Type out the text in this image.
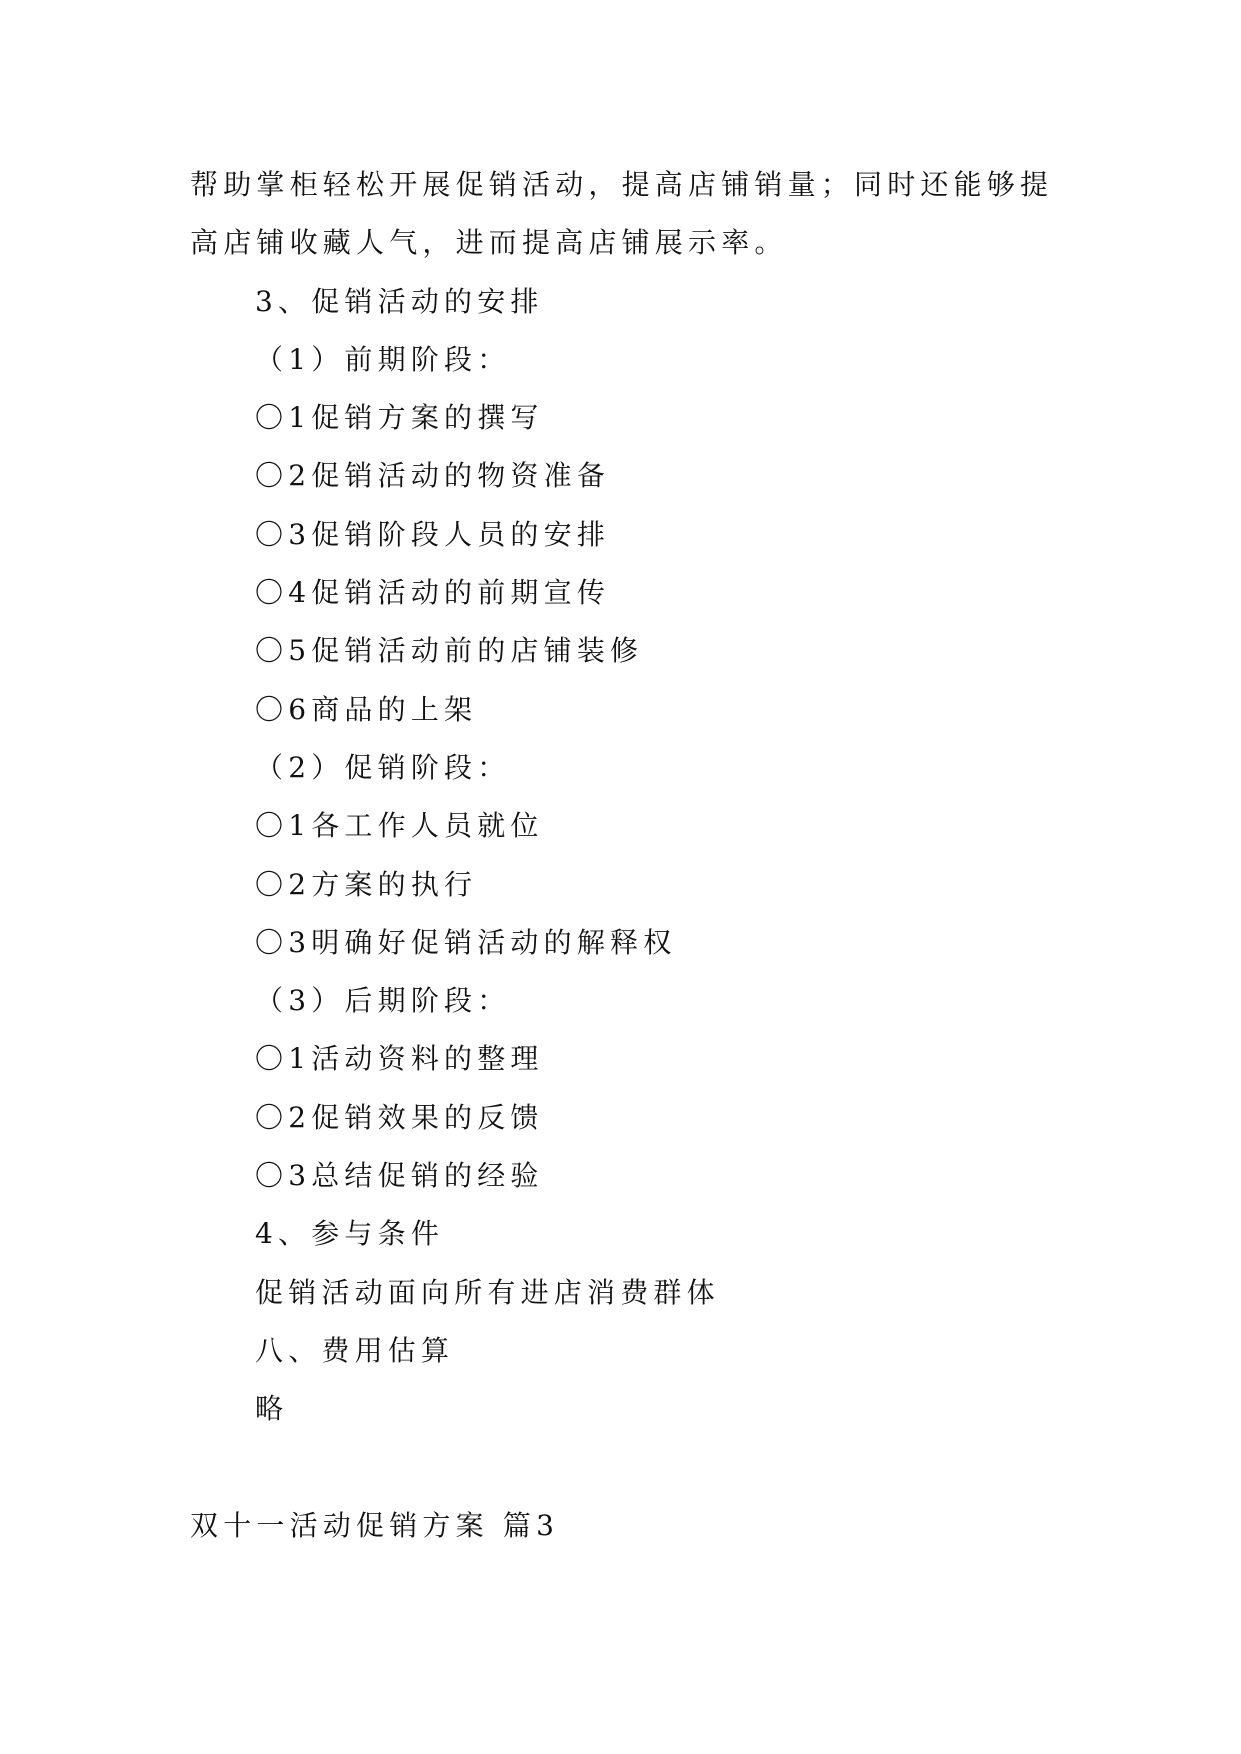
帮助掌柜轻松开展促销活动，提高店铺销量；同时还能够提
高店铺收藏人气，进而提高店铺展示率。
3、促销活动的安排
（1）前期阶段：
〇1促销方案的撰写
〇2促销活动的物资准备
〇3促销阶段人员的安排
〇4促销活动的前期宣传
〇5促销活动前的店铺装修
〇6商品的上架
（2）促销阶段：
〇1各工作人员就位
〇2方案的执行
〇3明确好促销活动的解释权
（3）后期阶段：
〇1活动资料的整理
〇2促销效果的反馈
〇3总结促销的经验
4、参与条件
促销活动面向所有进店消费群体
八、费用估算
略
双十一活动促销方案 篇3
